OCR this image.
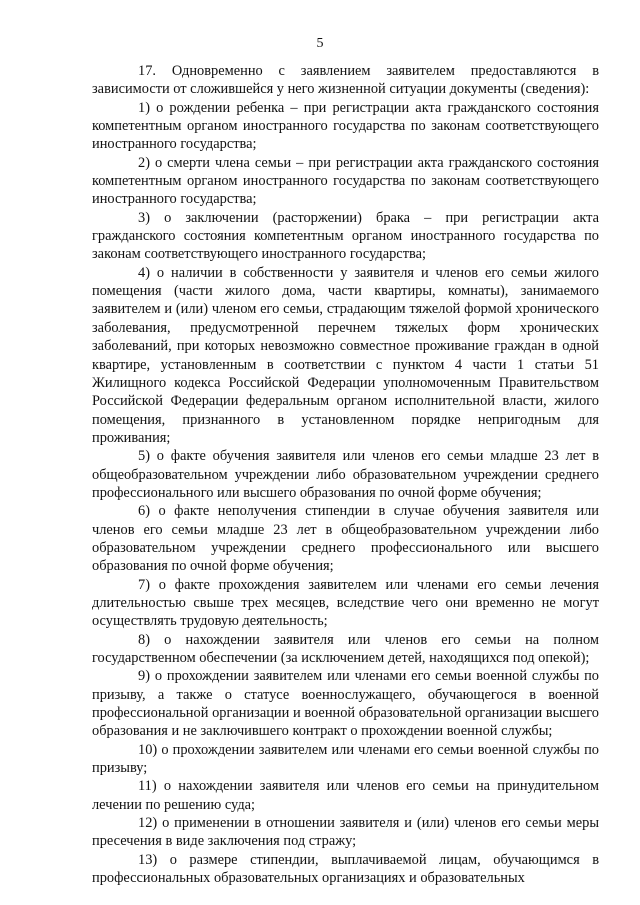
5

17. Одновременно с заявлением заявителем предоставляются в зависимости от сложившейся у него жизненной ситуации документы (сведения):

1) о рождении ребенка – при регистрации акта гражданского состояния компетентным органом иностранного государства по законам соответствующего иностранного государства;

2) о смерти члена семьи – при регистрации акта гражданского состояния компетентным органом иностранного государства по законам соответствующего иностранного государства;

3) о заключении (расторжении) брака – при регистрации акта гражданского состояния компетентным органом иностранного государства по законам соответствующего иностранного государства;

4) о наличии в собственности у заявителя и членов его семьи жилого помещения (части жилого дома, части квартиры, комнаты), занимаемого заявителем и (или) членом его семьи, страдающим тяжелой формой хронического заболевания, предусмотренной перечнем тяжелых форм хронических заболеваний, при которых невозможно совместное проживание граждан в одной квартире, установленным в соответствии с пунктом 4 части 1 статьи 51 Жилищного кодекса Российской Федерации уполномоченным Правительством Российской Федерации федеральным органом исполнительной власти, жилого помещения, признанного в установленном порядке непригодным для проживания;

5) о факте обучения заявителя или членов его семьи младше 23 лет в общеобразовательном учреждении либо образовательном учреждении среднего профессионального или высшего образования по очной форме обучения;

6) о факте неполучения стипендии в случае обучения заявителя или членов его семьи младше 23 лет в общеобразовательном учреждении либо образовательном учреждении среднего профессионального или высшего образования по очной форме обучения;

7) о факте прохождения заявителем или членами его семьи лечения длительностью свыше трех месяцев, вследствие чего они временно не могут осуществлять трудовую деятельность;

8) о нахождении заявителя или членов его семьи на полном государственном обеспечении (за исключением детей, находящихся под опекой);

9) о прохождении заявителем или членами его семьи военной службы по призыву, а также о статусе военнослужащего, обучающегося в военной профессиональной организации и военной образовательной организации высшего образования и не заключившего контракт о прохождении военной службы;

10) о прохождении заявителем или членами его семьи военной службы по призыву;

11) о нахождении заявителя или членов его семьи на принудительном лечении по решению суда;

12) о применении в отношении заявителя и (или) членов его семьи меры пресечения в виде заключения под стражу;

13) о размере стипендии, выплачиваемой лицам, обучающимся в профессиональных образовательных организациях и образовательных
